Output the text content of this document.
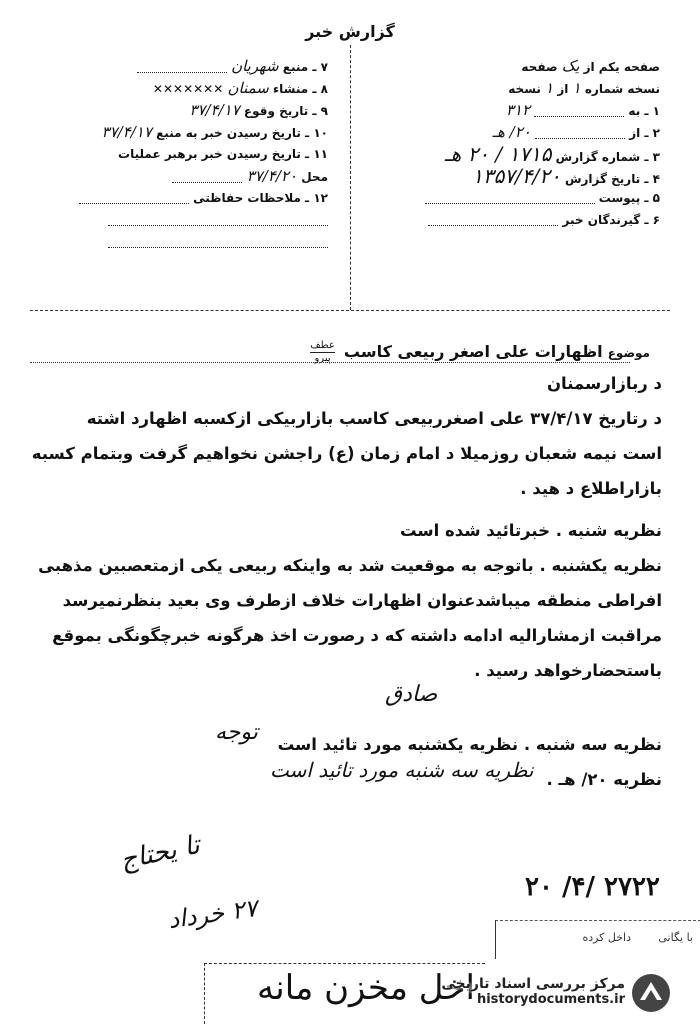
گزارش خبر
صفحه یکم از یک صفحه
نسخه شماره ۱ از ۱ نسخه
۱ ـ به  ۳۱۲
۲ ـ از  ۲۰/ هـ
۳ ـ شماره گزارش ۱۷۱۵ / ۲۰ هـ
۴ ـ تاریخ گزارش ۱۳۵۷/۴/۲۰
۵ ـ پیوست
۶ ـ گیرندگان خبر
۷ ـ منبع شهریان
۸ ـ منشاء سمنان ✕✕✕✕✕✕✕
۹ ـ تاریخ وقوع ۳۷/۴/۱۷
۱۰ ـ تاریخ رسیدن خبر به منبع ۳۷/۴/۱۷
۱۱ ـ تاریخ رسیدن خبر برهبر عملیات
محل ۳۷/۴/۲۰
۱۲ ـ ملاحظات حفاظتی
موضوع اظهارات علی اصغر ربیعی کاسب
عطف
پیرو
د ربازارسمنان
د رتاریخ ۳۷/۴/۱۷ علی اصغرربیعی کاسب بازاربیکی ازکسبه اظهارد اشته
است نیمه شعبان روزمیلا د امام زمان (ع) راجشن نخواهیم گرفت وبتمام کسبه
بازاراطلاع د هید .
نظریه شنبه . خبرتائید شده است
نظریه یکشنبه . باتوجه به موقعیت شد به واینکه ربیعی یکی ازمتعصبین مذهبی
افراطی منطقه میباشدعنوان اظهارات خلاف ازطرف وی بعید بنظرنمیرسد
مراقبت ازمشارالیه ادامه داشته که د رصورت اخذ هرگونه خبرچگونگی بموقع
باستحضارخواهد رسید .
نظریه سه شنبه . نظریه یکشنبه مورد تائید است
نظریه ۲۰/ هـ .
صادق
توجه
نظریه سه شنبه مورد تائید است
تا یحتاج
۲۷ خرداد
۲۷۲۲ /۴/ ۲۰
با یگانی
داخل کرده
اخل مخزن مانه
مرکز بررسی اسناد تاریخی
historydocuments.ir
